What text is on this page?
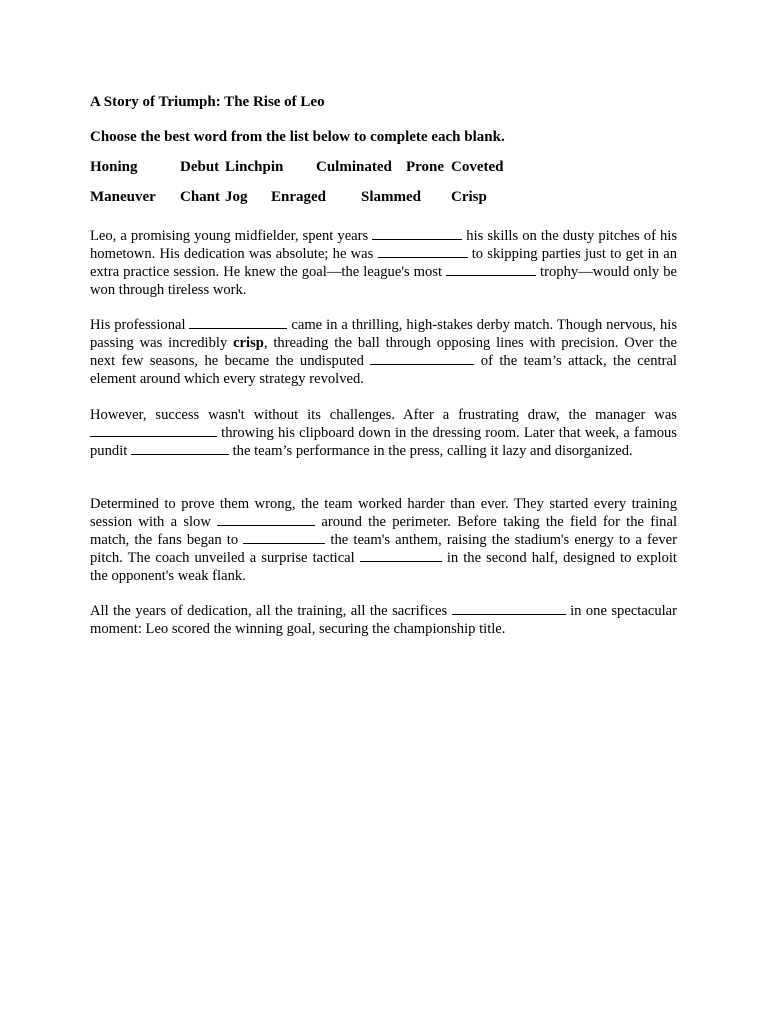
A Story of Triumph: The Rise of Leo

Choose the best word from the list below to complete each blank.

Honing	Debut Linchpin Culminated Prone Coveted
Maneuver Chant Jog Enraged Slammed Crisp

Leo, a promising young midfielder, spent years	his skills on the dusty pitches of his hometown. His dedication was absolute; he was	to skipping parties just to get in an extra practice session. He knew the goal—the league's most	trophy—would only be won through tireless work.

His professional	came in a thrilling, high-stakes derby match. Though nervous, his passing was incredibly crisp, threading the ball through opposing lines with precision. Over the next few seasons, he became the undisputed	of the team’s attack, the central element around which every strategy revolved.

However, success wasn't without its challenges. After a frustrating draw, the manager was  throwing his clipboard down in the dressing room. Later that week, a famous pundit	the team’s performance in the press, calling it lazy and disorganized.

Determined to prove them wrong, the team worked harder than ever. They started every training session with a slow	around the perimeter. Before taking the field for the final match, the fans began to	the team's anthem, raising the stadium's energy to a fever pitch. The coach unveiled a surprise tactical	in the second half, designed to exploit the opponent's weak flank.

All the years of dedication, all the training, all the sacrifices	in one spectacular moment: Leo scored the winning goal, securing the championship title.
